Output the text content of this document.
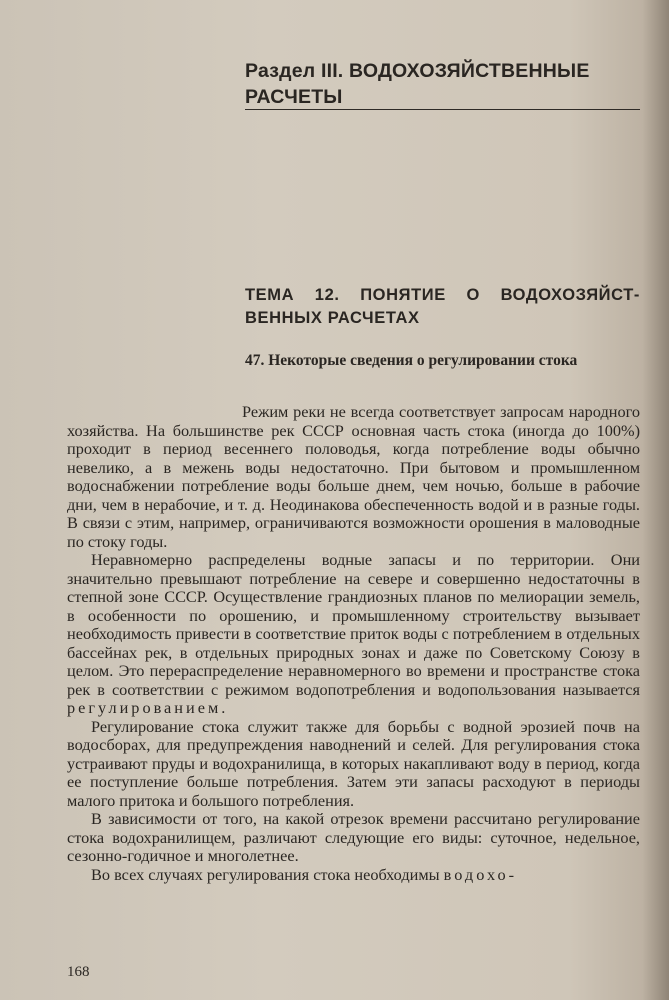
Раздел III. ВОДОХОЗЯЙСТВЕННЫЕ
РАСЧЕТЫ
ТЕМА 12. ПОНЯТИЕ О ВОДОХОЗЯЙСТ- ВЕННЫХ РАСЧЕТАХ
47. Некоторые сведения о регулировании стока

Режим реки не всегда соответствует запросам народного хозяйства. На большинстве рек СССР основная часть стока (иногда до 100%) проходит в период весеннего половодья, когда потребление воды обычно невелико, а в межень воды недостаточно. При бытовом и промышленном водоснабжении потребление воды больше днем, чем ночью, больше в рабочие дни, чем в нерабочие, и т. д. Неодинакова обеспеченность водой и в разные годы. В связи с этим, например, ограничиваются возможности орошения в маловодные по стоку годы.

Неравномерно распределены водные запасы и по территории. Они значительно превышают потребление на севере и совершенно недостаточны в степной зоне СССР. Осуществление грандиозных планов по мелиорации земель, в особенности по орошению, и промышленному строительству вызывает необходимость привести в соответствие приток воды с потреблением в отдельных бассейнах рек, в отдельных природных зонах и даже по Советскому Союзу в целом. Это перераспределение неравномерного во времени и пространстве стока рек в соответствии с режимом водопотребления и водопользования называется регулированием.

Регулирование стока служит также для борьбы с водной эрозией почв на водосборах, для предупреждения наводнений и селей. Для регулирования стока устраивают пруды и водохранилища, в которых накапливают воду в период, когда ее поступление больше потребления. Затем эти запасы расходуют в периоды малого притока и большого потребления.

В зависимости от того, на какой отрезок времени рассчитано регулирование стока водохранилищем, различают следующие его виды: суточное, недельное, сезонно-годичное и многолетнее.

Во всех случаях регулирования стока необходимы водохо-

168
